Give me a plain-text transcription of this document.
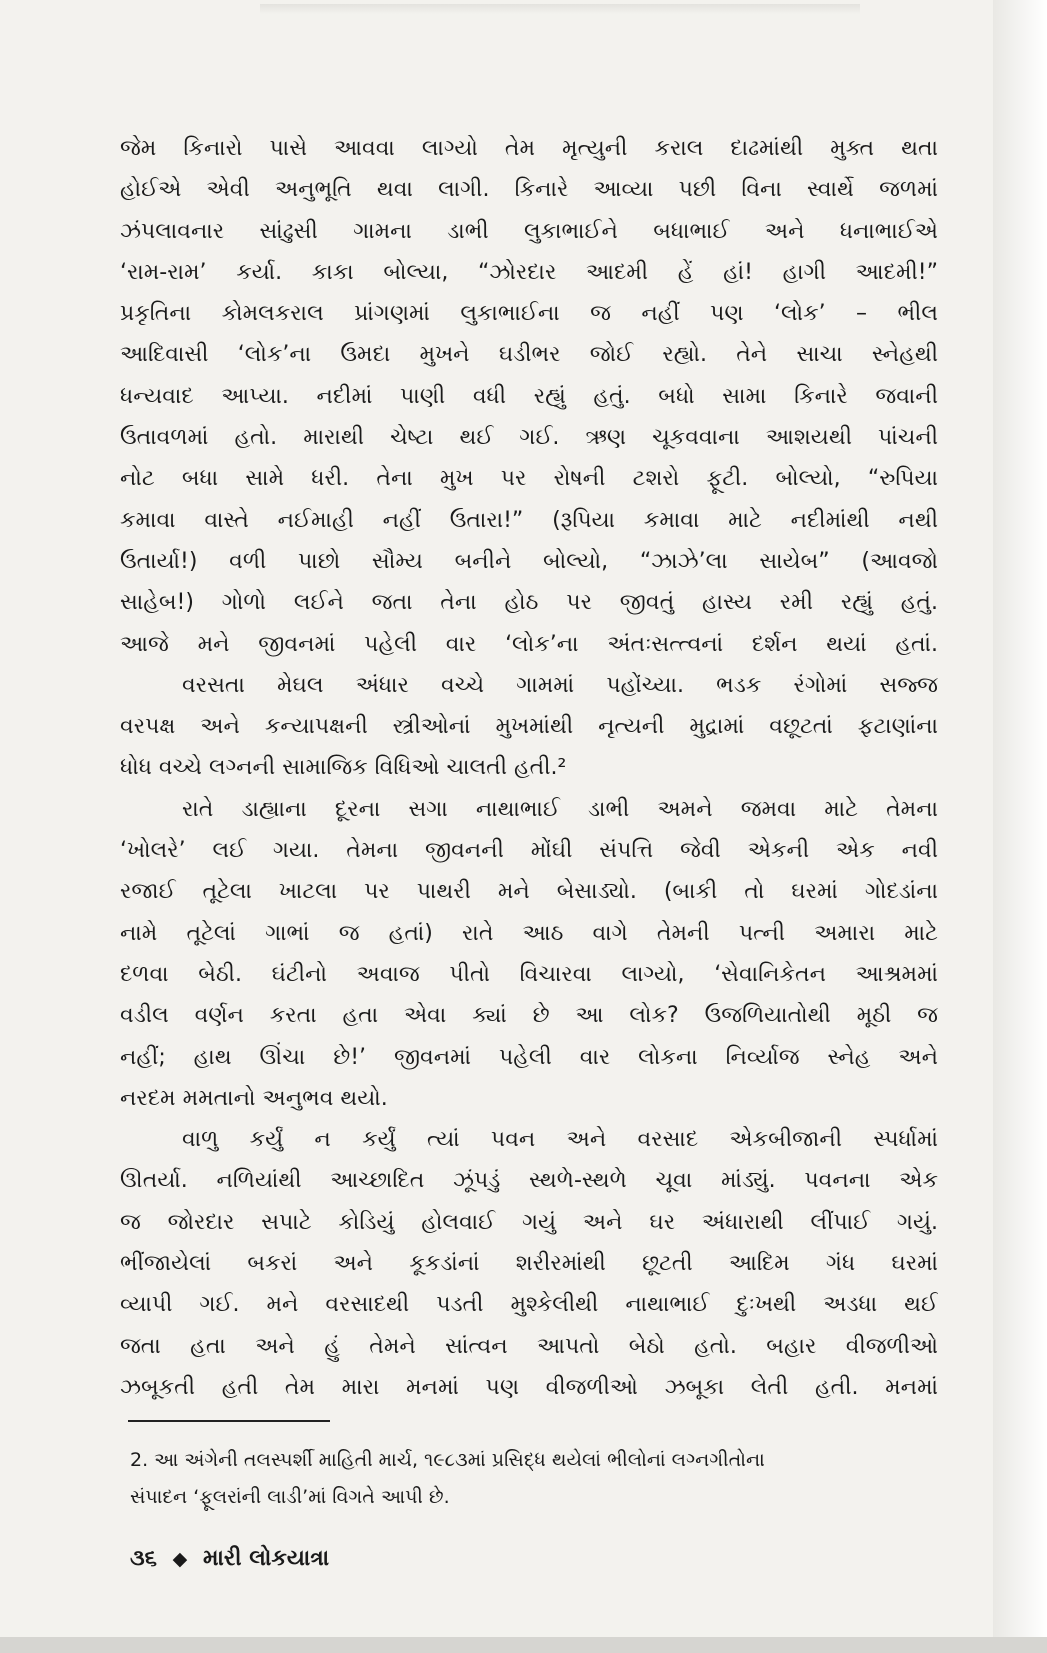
જેમ કિનારો પાસે આવવા લાગ્યો તેમ મૃત્યુની કરાલ દાઢમાંથી મુક્ત થતા
હોઈએ એવી અનુભૂતિ થવા લાગી. કિનારે આવ્યા પછી વિના સ્વાર્થે જળમાં
ઝંપલાવનાર સાંઢુસી ગામના ડાભી લુકાભાઈને બધાભાઈ અને ધનાભાઈએ
‘રામ-રામ’ કર્યા. કાકા બોલ્યા, “ઝોરદાર આદમી હેં હાં! હાગી આદમી!”
પ્રકૃતિના કોમલકરાલ પ્રાંગણમાં લુકાભાઈના જ નહીં પણ ‘લોક’ – ભીલ
આદિવાસી ‘લોક’ના ઉમદા મુખને ઘડીભર જોઈ રહ્યો. તેને સાચા સ્નેહથી
ધન્યવાદ આપ્યા. નદીમાં પાણી વધી રહ્યું હતું. બધો સામા કિનારે જવાની
ઉતાવળમાં હતો. મારાથી ચેષ્ટા થઈ ગઈ. ઋણ ચૂકવવાના આશયથી પાંચની
નોટ બધા સામે ધરી. તેના મુખ પર રોષની ટશરો ફૂટી. બોલ્યો, “રુપિયા
કમાવા વાસ્તે નઈમાહી નહીં ઉતારા!” (રૂપિયા કમાવા માટે નદીમાંથી નથી
ઉતાર્યા!) વળી પાછો સૌમ્ય બનીને બોલ્યો, “ઝાઝે’લા સાયેબ” (આવજો
સાહેબ!) ગોળો લઈને જતા તેના હોઠ પર જીવતું હાસ્ય રમી રહ્યું હતું.
આજે મને જીવનમાં પહેલી વાર ‘લોક’ના અંતઃસત્ત્વનાં દર્શન થયાં હતાં.
વરસતા મેઘલ અંધાર વચ્ચે ગામમાં પહોંચ્યા. ભડક રંગોમાં સજ્જ
વરપક્ષ અને કન્યાપક્ષની સ્ત્રીઓનાં મુખમાંથી નૃત્યની મુદ્રામાં વછૂટતાં ફટાણાંના
ધોધ વચ્ચે લગ્નની સામાજિક વિધિઓ ચાલતી હતી.²
રાતે ડાહ્યાના દૂરના સગા નાથાભાઈ ડાભી અમને જમવા માટે તેમના
‘ખોલરે’ લઈ ગયા. તેમના જીવનની મોંઘી સંપત્તિ જેવી એકની એક નવી
રજાઈ તૂટેલા ખાટલા પર પાથરી મને બેસાડ્યો. (બાકી તો ઘરમાં ગોદડાંના
નામે તૂટેલાં ગાભાં જ હતાં) રાતે આઠ વાગે તેમની પત્ની અમારા માટે
દળવા બેઠી. ઘંટીનો અવાજ પીતો વિચારવા લાગ્યો, ‘સેવાનિકેતન આશ્રમમાં
વડીલ વર્ણન કરતા હતા એવા ક્યાં છે આ લોક? ઉજળિયાતોથી મૂઠી જ
નહીં; હાથ ઊંચા છે!’ જીવનમાં પહેલી વાર લોકના નિર્વ્યાજ સ્નેહ અને
નરદમ મમતાનો અનુભવ થયો.
વાળુ કર્યું ન કર્યું ત્યાં પવન અને વરસાદ એકબીજાની સ્પર્ધામાં
ઊતર્યા. નળિયાંથી આચ્છાદિત ઝૂંપડું સ્થળે-સ્થળે ચૂવા માંડ્યું. પવનના એક
જ જોરદાર સપાટે કોડિયું હોલવાઈ ગયું અને ઘર અંધારાથી લીંપાઈ ગયું.
ભીંજાયેલાં બકરાં અને કૂકડાંનાં શરીરમાંથી છૂટતી આદિમ ગંધ ઘરમાં
વ્યાપી ગઈ. મને વરસાદથી પડતી મુશ્કેલીથી નાથાભાઈ દુઃખથી અડધા થઈ
જતા હતા અને હું તેમને સાંત્વન આપતો બેઠો હતો. બહાર વીજળીઓ
ઝબૂકતી હતી તેમ મારા મનમાં પણ વીજળીઓ ઝબૂકા લેતી હતી. મનમાં
2. આ અંગેની તલસ્પર્શી માહિતી માર્ચ, ૧૯૮૩માં પ્રસિદ્ધ થયેલાં ભીલોનાં લગ્નગીતોના
સંપાદન ‘ફૂલરાંની લાડી’માં વિગતે આપી છે.
૩૬ ◆ મારી લોકયાત્રા
